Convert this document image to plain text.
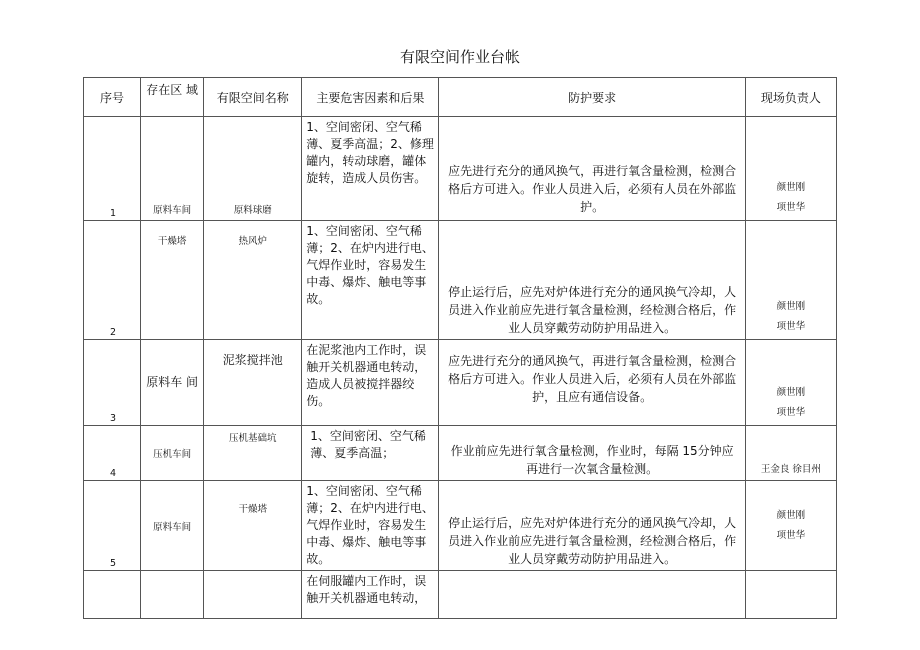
有限空间作业台帐
序号	存在区 域	有限空间名称	主要危害因素和后果	防护要求	现场负责人

1	原料车间	原料球磨	1、空间密闭、空气稀薄、夏季高温；2、修理罐内，转动球磨，罐体旋转，造成人员伤害。	应先进行充分的通风换气，再进行氧含量检测，检测合格后方可进入。作业人员进入后，必须有人员在外部监护。	颜世刚
项世华

2	干燥塔	热风炉	1、空间密闭、空气稀薄；2、在炉内进行电、气焊作业时，容易发生中毒、爆炸、触电等事故。	停止运行后，应先对炉体进行充分的通风换气冷却，人员进入作业前应先进行氧含量检测，经检测合格后，作业人员穿戴劳动防护用品进入。	颜世刚
项世华

3	原料车 间	泥浆搅拌池	在泥浆池内工作时，误触开关机器通电转动，造成人员被搅拌器绞伤。	应先进行充分的通风换气，再进行氧含量检测，检测合格后方可进入。作业人员进入后，必须有人员在外部监护，且应有通信设备。	颜世刚
项世华

4	压机车间	压机基础坑	1、空间密闭、空气稀薄、夏季高温；	作业前应先进行氧含量检测，作业时，每隔 15分钟应再进行一次氧含量检测。	王金良 徐目州

5	原料车间	干燥塔	1、空间密闭、空气稀薄；2、在炉内进行电、气焊作业时，容易发生中毒、爆炸、触电等事故。	停止运行后，应先对炉体进行充分的通风换气冷却，人员进入作业前应先进行氧含量检测，经检测合格后，作业人员穿戴劳动防护用品进入。	颜世刚
项世华

			在伺服罐内工作时，误触开关机器通电转动，		
